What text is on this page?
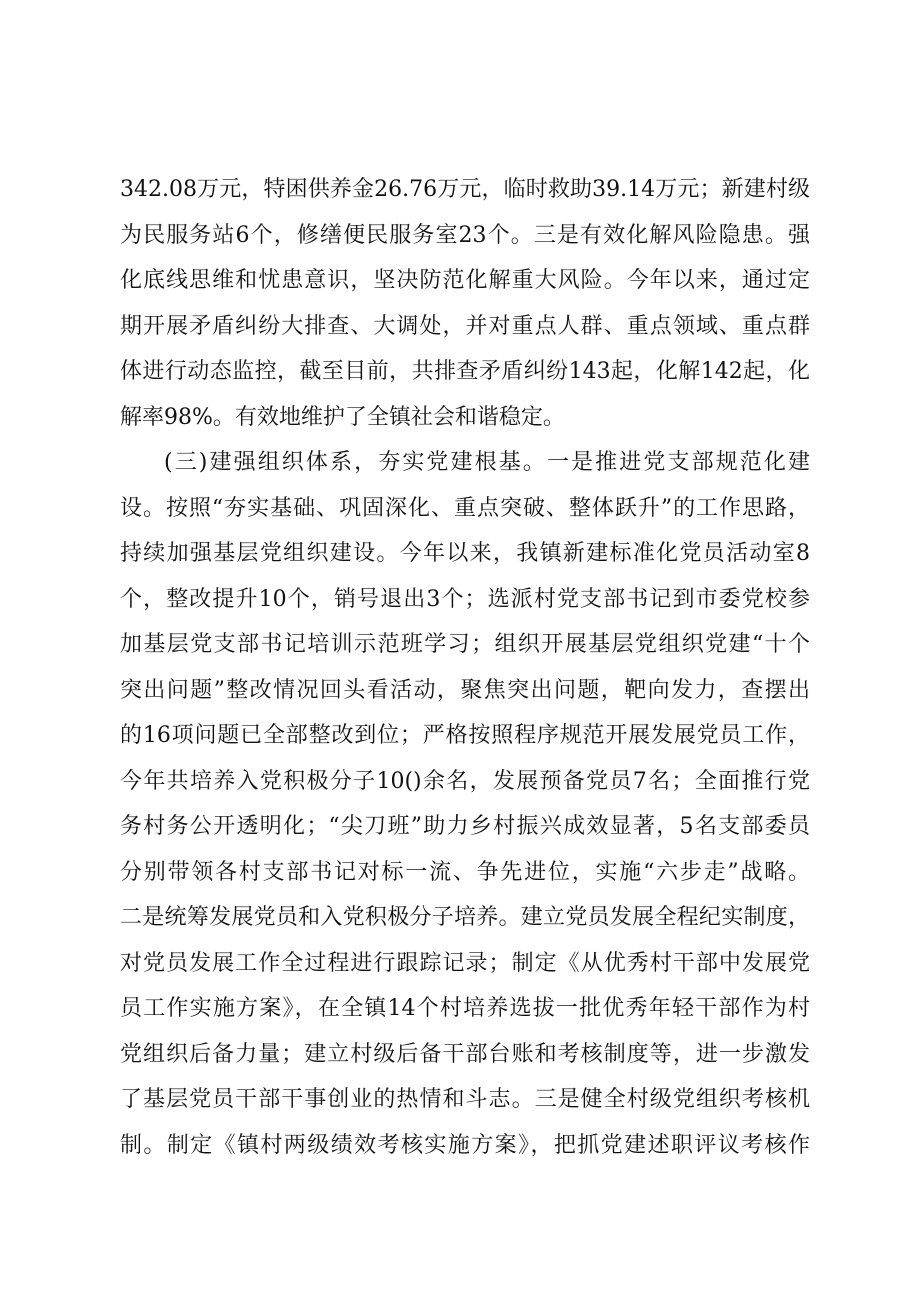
342.08万元，特困供养金26.76万元，临时救助39.14万元；新建村级
为民服务站6个，修缮便民服务室23个。三是有效化解风险隐患。强
化底线思维和忧患意识，坚决防范化解重大风险。今年以来，通过定
期开展矛盾纠纷大排查、大调处，并对重点人群、重点领域、重点群
体进行动态监控，截至目前，共排查矛盾纠纷143起，化解142起，化
解率98%。有效地维护了全镇社会和谐稳定。
(三)建强组织体系，夯实党建根基。一是推进党支部规范化建
设。按照“夯实基础、巩固深化、重点突破、整体跃升”的工作思路，
持续加强基层党组织建设。今年以来，我镇新建标准化党员活动室8
个，整改提升10个，销号退出3个；选派村党支部书记到市委党校参
加基层党支部书记培训示范班学习；组织开展基层党组织党建“十个
突出问题”整改情况回头看活动，聚焦突出问题，靶向发力，查摆出
的16项问题已全部整改到位；严格按照程序规范开展发展党员工作，
今年共培养入党积极分子10()余名，发展预备党员7名；全面推行党
务村务公开透明化；“尖刀班”助力乡村振兴成效显著，5名支部委员
分别带领各村支部书记对标一流、争先进位，实施“六步走”战略。
二是统筹发展党员和入党积极分子培养。建立党员发展全程纪实制度，
对党员发展工作全过程进行跟踪记录；制定《从优秀村干部中发展党
员工作实施方案》，在全镇14个村培养选拔一批优秀年轻干部作为村
党组织后备力量；建立村级后备干部台账和考核制度等，进一步激发
了基层党员干部干事创业的热情和斗志。三是健全村级党组织考核机
制。制定《镇村两级绩效考核实施方案》，把抓党建述职评议考核作
